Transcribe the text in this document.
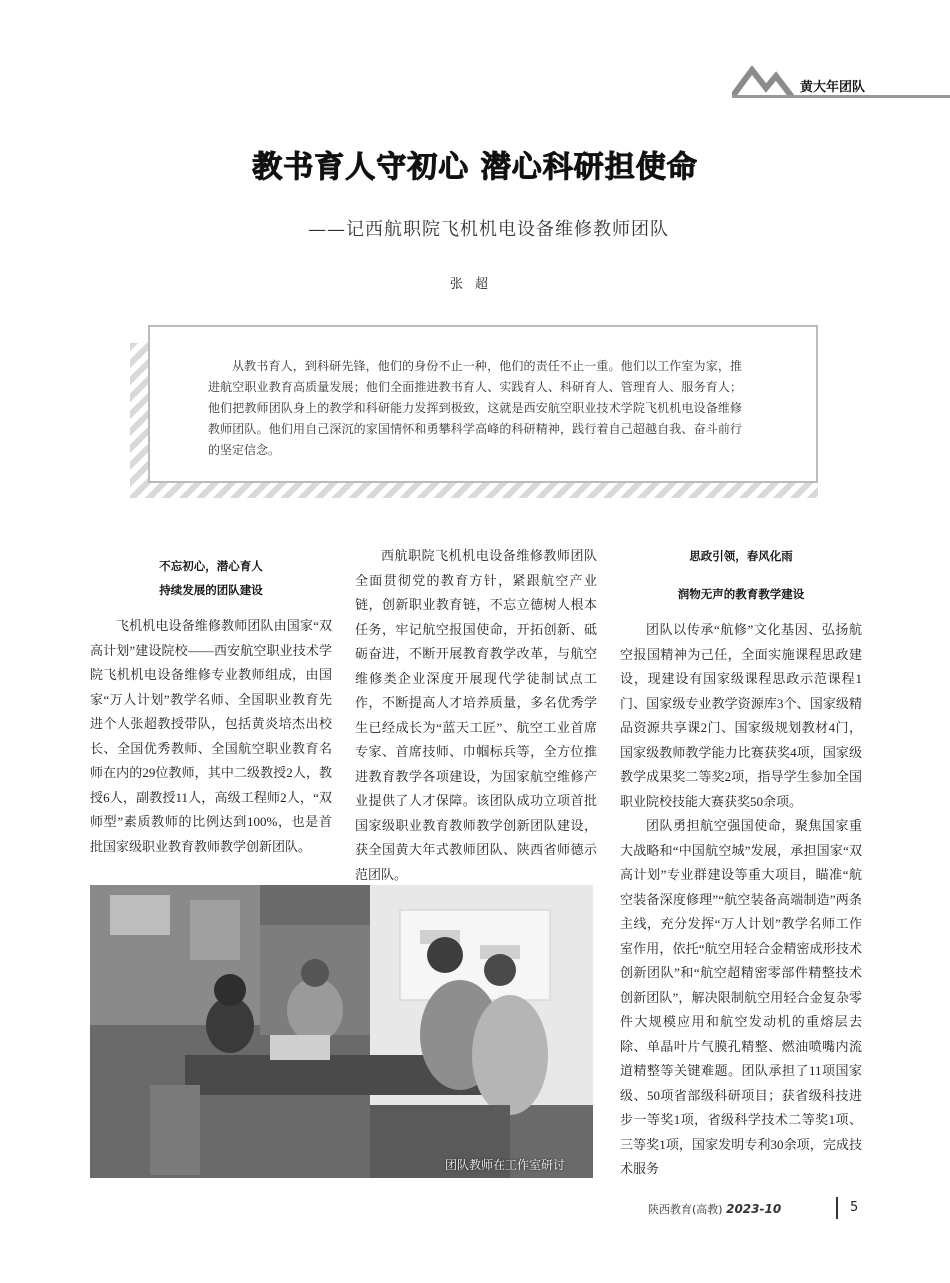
黄大年团队
教书育人守初心 潜心科研担使命
——记西航职院飞机机电设备维修教师团队
张超

从教书育人，到科研先锋，他们的身份不止一种，他们的责任不止一重。他们以工作室为家，推进航空职业教育高质量发展；他们全面推进教书育人、实践育人、科研育人、管理育人、服务育人；他们把教师团队身上的教学和科研能力发挥到极致，这就是西安航空职业技术学院飞机机电设备维修教师团队。他们用自己深沉的家国情怀和勇攀科学高峰的科研精神，践行着自己超越自我、奋斗前行的坚定信念。

不忘初心，潜心育人
持续发展的团队建设

飞机机电设备维修教师团队由国家“双高计划”建设院校——西安航空职业技术学院飞机机电设备维修专业教师组成，由国家“万人计划”教学名师、全国职业教育先进个人张超教授带队，包括黄炎培杰出校长、全国优秀教师、全国航空职业教育名师在内的29位教师，其中二级教授2人，教授6人，副教授11人，高级工程师2人，“双师型”素质教师的比例达到100%，也是首批国家级职业教育教师教学创新团队。

西航职院飞机机电设备维修教师团队全面贯彻党的教育方针，紧跟航空产业链，创新职业教育链，不忘立德树人根本任务，牢记航空报国使命，开拓创新、砥砺奋进，不断开展教育教学改革，与航空维修类企业深度开展现代学徒制试点工作，不断提高人才培养质量，多名优秀学生已经成长为“蓝天工匠”、航空工业首席专家、首席技师、巾帼标兵等，全方位推进教育教学各项建设，为国家航空维修产业提供了人才保障。该团队成功立项首批国家级职业教育教师教学创新团队建设，获全国黄大年式教师团队、陕西省师德示范团队。

思政引领，春风化雨
润物无声的教育教学建设

团队以传承“航修”文化基因、弘扬航空报国精神为己任，全面实施课程思政建设，现建设有国家级课程思政示范课程1门、国家级专业教学资源库3个、国家级精品资源共享课2门、国家级规划教材4门，国家级教师教学能力比赛获奖4项，国家级教学成果奖二等奖2项，指导学生参加全国职业院校技能大赛获奖50余项。

团队勇担航空强国使命，聚焦国家重大战略和“中国航空城”发展，承担国家“双高计划”专业群建设等重大项目，瞄准“航空装备深度修理”“航空装备高端制造”两条主线，充分发挥“万人计划”教学名师工作室作用，依托“航空用轻合金精密成形技术创新团队”和“航空超精密零部件精整技术创新团队”，解决限制航空用轻合金复杂零件大规模应用和航空发动机的重熔层去除、单晶叶片气膜孔精整、燃油喷嘴内流道精整等关键难题。团队承担了11项国家级、50项省部级科研项目；获省级科技进步一等奖1项，省级科学技术二等奖1项、三等奖1项，国家发明专利30余项，完成技术服务

团队教师在工作室研讨
陕西教育(高教) 2023-10	5
